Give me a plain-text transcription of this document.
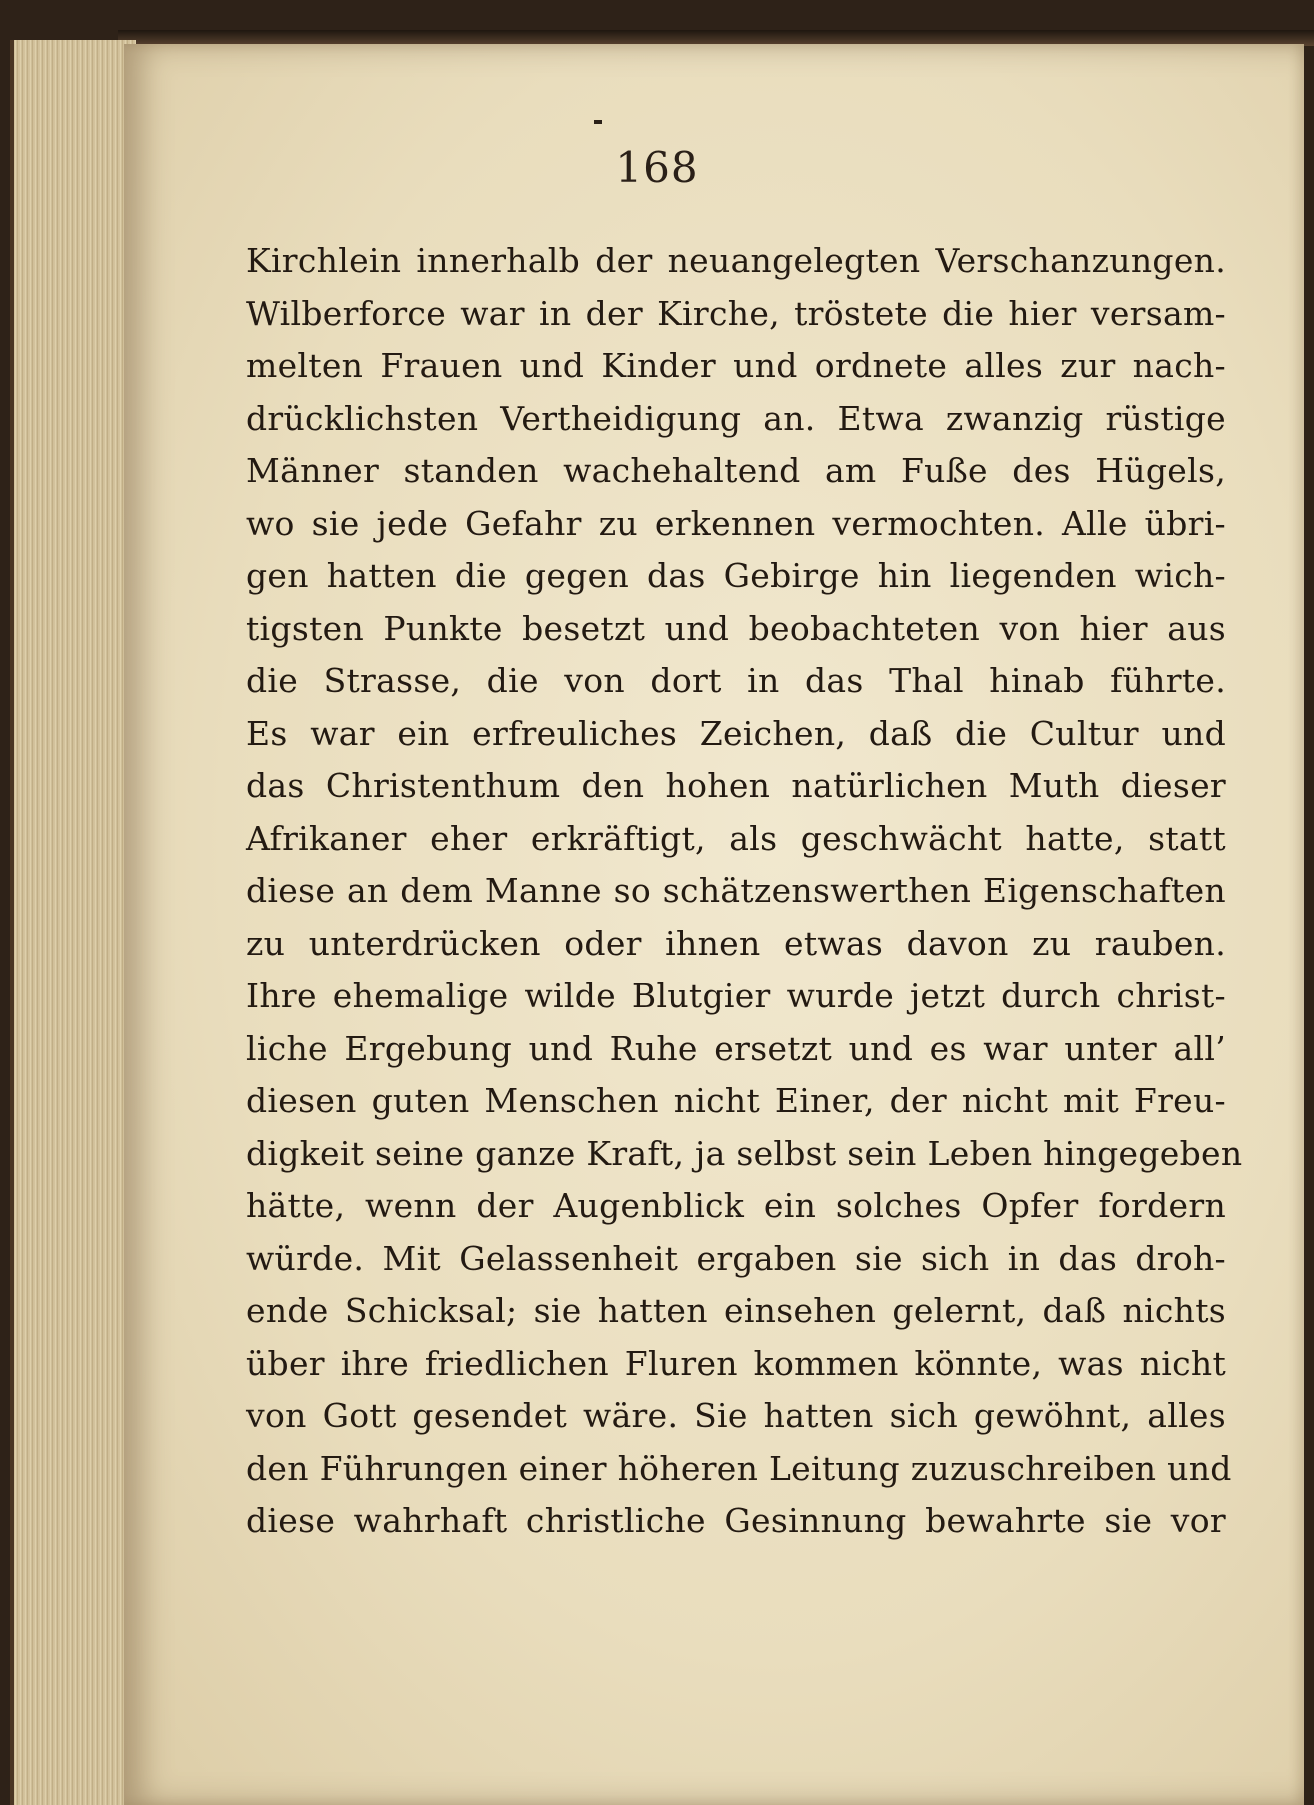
168
Kirchlein innerhalb der neuangelegten Verschanzungen.
Wilberforce war in der Kirche, tröstete die hier versam-
melten Frauen und Kinder und ordnete alles zur nach-
drücklichsten Vertheidigung an. Etwa zwanzig rüstige
Männer standen wachehaltend am Fuße des Hügels,
wo sie jede Gefahr zu erkennen vermochten. Alle übri-
gen hatten die gegen das Gebirge hin liegenden wich-
tigsten Punkte besetzt und beobachteten von hier aus
die Strasse, die von dort in das Thal hinab führte.
Es war ein erfreuliches Zeichen, daß die Cultur und
das Christenthum den hohen natürlichen Muth dieser
Afrikaner eher erkräftigt, als geschwächt hatte, statt
diese an dem Manne so schätzenswerthen Eigenschaften
zu unterdrücken oder ihnen etwas davon zu rauben.
Ihre ehemalige wilde Blutgier wurde jetzt durch christ-
liche Ergebung und Ruhe ersetzt und es war unter all’
diesen guten Menschen nicht Einer, der nicht mit Freu-
digkeit seine ganze Kraft, ja selbst sein Leben hingegeben
hätte, wenn der Augenblick ein solches Opfer fordern
würde. Mit Gelassenheit ergaben sie sich in das droh-
ende Schicksal; sie hatten einsehen gelernt, daß nichts
über ihre friedlichen Fluren kommen könnte, was nicht
von Gott gesendet wäre. Sie hatten sich gewöhnt, alles
den Führungen einer höheren Leitung zuzuschreiben und
diese wahrhaft christliche Gesinnung bewahrte sie vor
